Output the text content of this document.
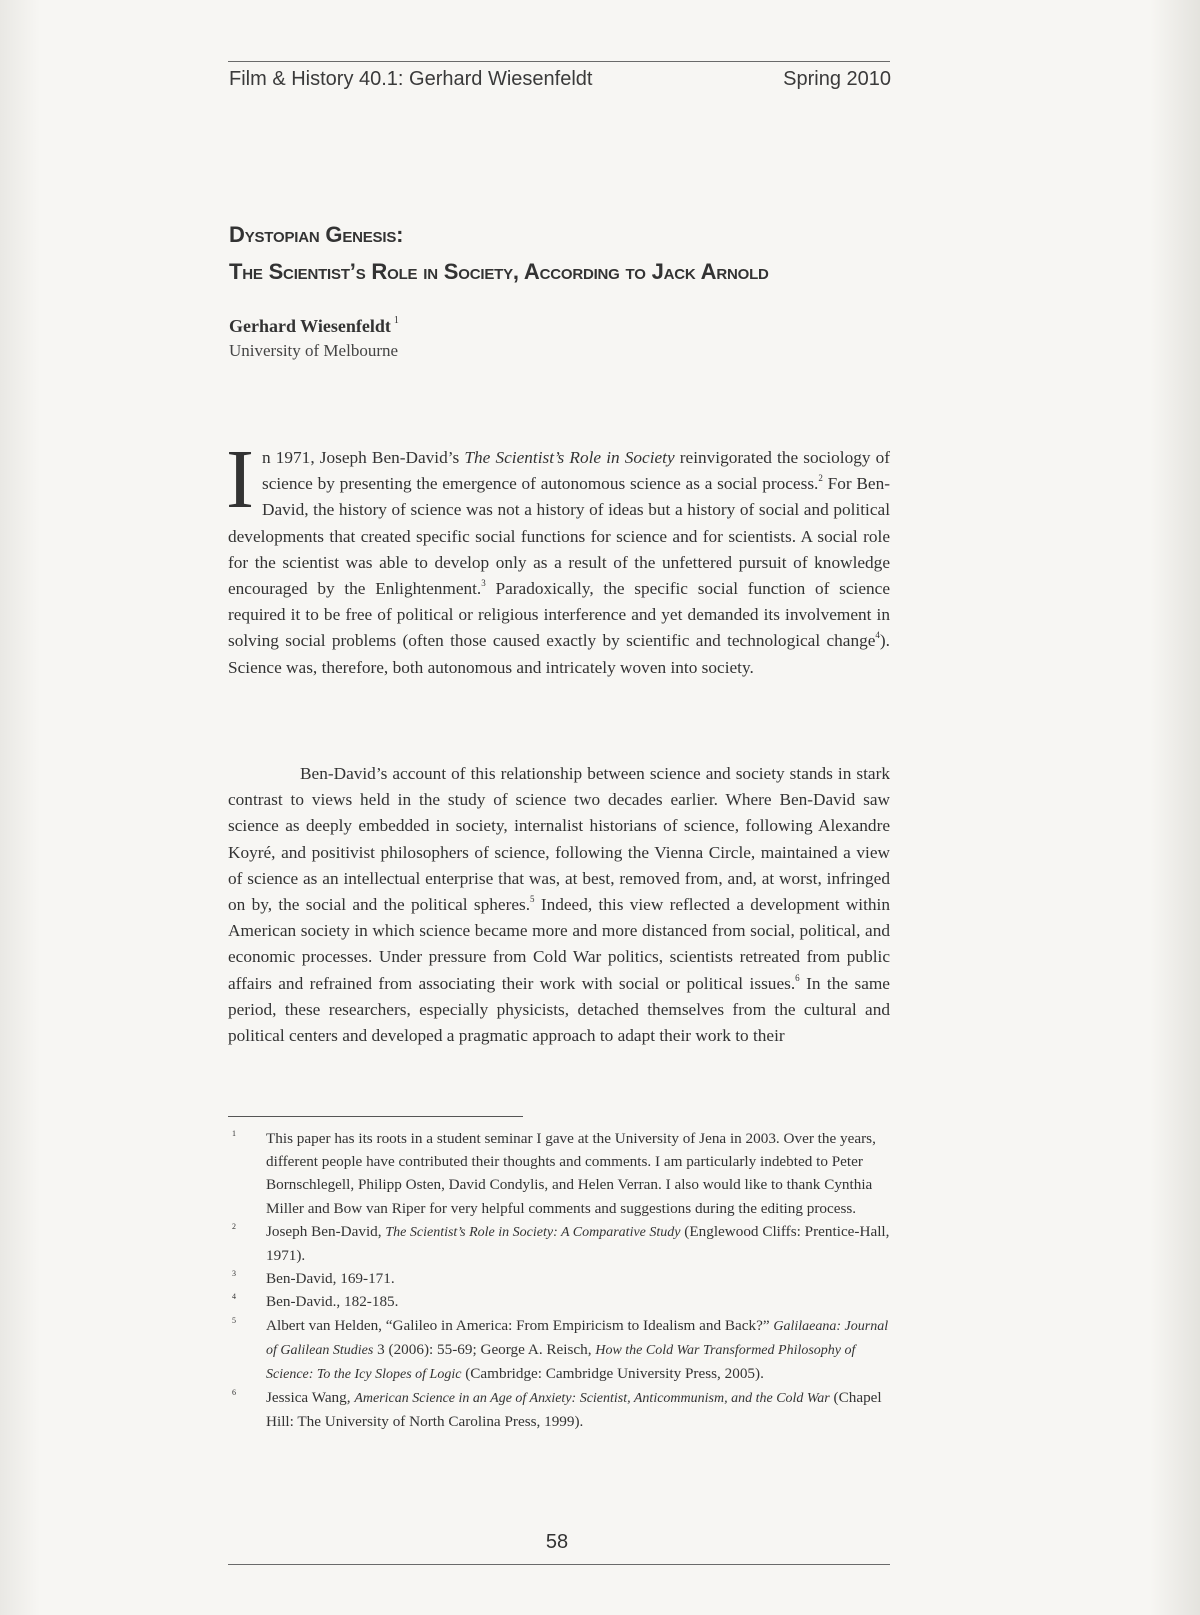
Film & History 40.1: Gerhard Wiesenfeldt	Spring 2010
Dystopian Genesis:
The Scientist’s Role in Society, According to Jack Arnold
Gerhard Wiesenfeldt $^1$
University of Melbourne
In 1971, Joseph Ben-David’s The Scientist’s Role in Society reinvigorated the sociology of science by presenting the emergence of autonomous science as a social process.$^2$ For Ben-David, the history of science was not a history of ideas but a history of social and political developments that created specific social functions for science and for scientists. A social role for the scientist was able to develop only as a result of the unfettered pursuit of knowledge encouraged by the Enlightenment.$^3$ Paradoxically, the specific social function of science required it to be free of political or religious interference and yet demanded its involvement in solving social problems (often those caused exactly by scientific and technological change$^4$). Science was, therefore, both autonomous and intricately woven into society.
Ben-David’s account of this relationship between science and society stands in stark contrast to views held in the study of science two decades earlier. Where Ben-David saw science as deeply embedded in society, internalist historians of science, following Alexandre Koyré, and positivist philosophers of science, following the Vienna Circle, maintained a view of science as an intellectual enterprise that was, at best, removed from, and, at worst, infringed on by, the social and the political spheres.$^5$ Indeed, this view reflected a development within American society in which science became more and more distanced from social, political, and economic processes. Under pressure from Cold War politics, scientists retreated from public affairs and refrained from associating their work with social or political issues.$^6$ In the same period, these researchers, especially physicists, detached themselves from the cultural and political centers and developed a pragmatic approach to adapt their work to their

1 This paper has its roots in a student seminar I gave at the University of Jena in 2003. Over the years, different people have contributed their thoughts and comments. I am particularly indebted to Peter Bornschlegell, Philipp Osten, David Condylis, and Helen Verran. I also would like to thank Cynthia Miller and Bow van Riper for very helpful comments and suggestions during the editing process.

2 Joseph Ben-David, The Scientist’s Role in Society: A Comparative Study (Englewood Cliffs: Prentice-Hall, 1971).

3 Ben-David, 169-171.

4 Ben-David., 182-185.

5 Albert van Helden, “Galileo in America: From Empiricism to Idealism and Back?” Galilaeana: Journal of Galilean Studies 3 (2006): 55-69; George A. Reisch, How the Cold War Transformed Philosophy of Science: To the Icy Slopes of Logic (Cambridge: Cambridge University Press, 2005).

6 Jessica Wang, American Science in an Age of Anxiety: Scientist, Anticommunism, and the Cold War (Chapel Hill: The University of North Carolina Press, 1999).

58
